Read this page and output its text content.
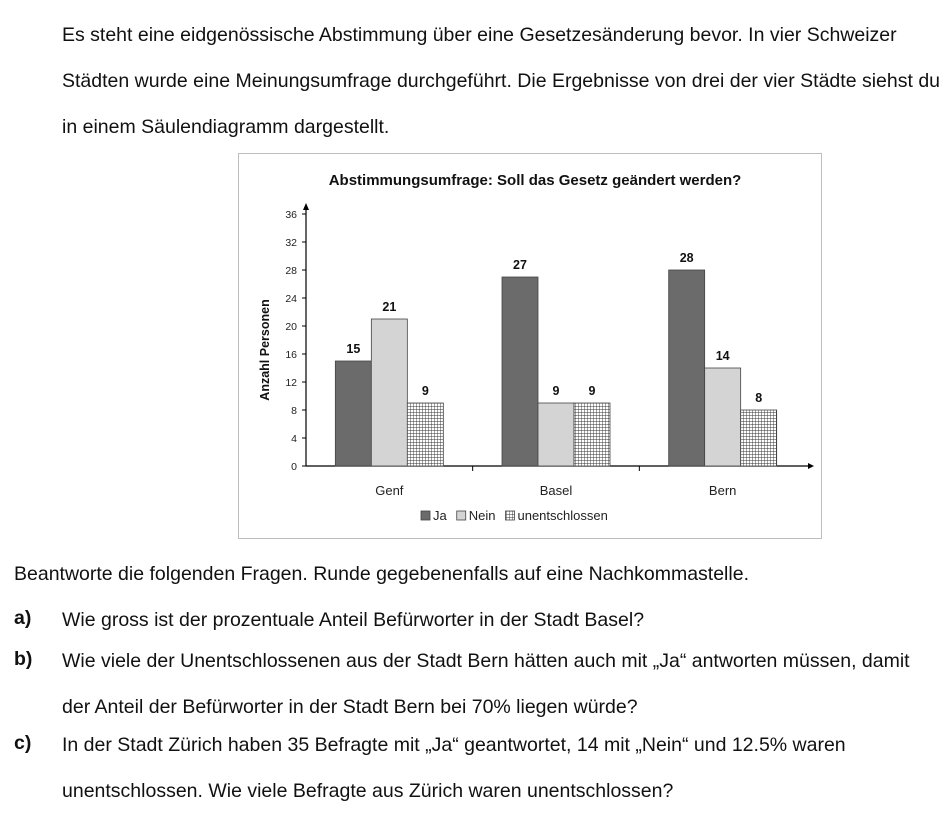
Es steht eine eidgenössische Abstimmung über eine Gesetzesänderung bevor. In vier Schweizer Städten wurde eine Meinungsumfrage durchgeführt. Die Ergebnisse von drei der vier Städte siehst du in einem Säulendiagramm dargestellt.

Abstimmungsumfrage: Soll das Gesetz geändert werden?
0
4
8
12
16
20
24
28
32
36
Anzahl Personen
Genf
15
21
9
Basel
27
9 9
Bern
28
14
8
Ja Nein unentschlossen

Beantworte die folgenden Fragen. Runde gegebenenfalls auf eine Nachkommastelle.

a) Wie gross ist der prozentuale Anteil Befürworter in der Stadt Basel?

b) Wie viele der Unentschlossenen aus der Stadt Bern hätten auch mit „Ja“ antworten müssen, damit der Anteil der Befürworter in der Stadt Bern bei 70% liegen würde?

c) In der Stadt Zürich haben 35 Befragte mit „Ja“ geantwortet, 14 mit „Nein“ und 12.5% waren unentschlossen. Wie viele Befragte aus Zürich waren unentschlossen?
